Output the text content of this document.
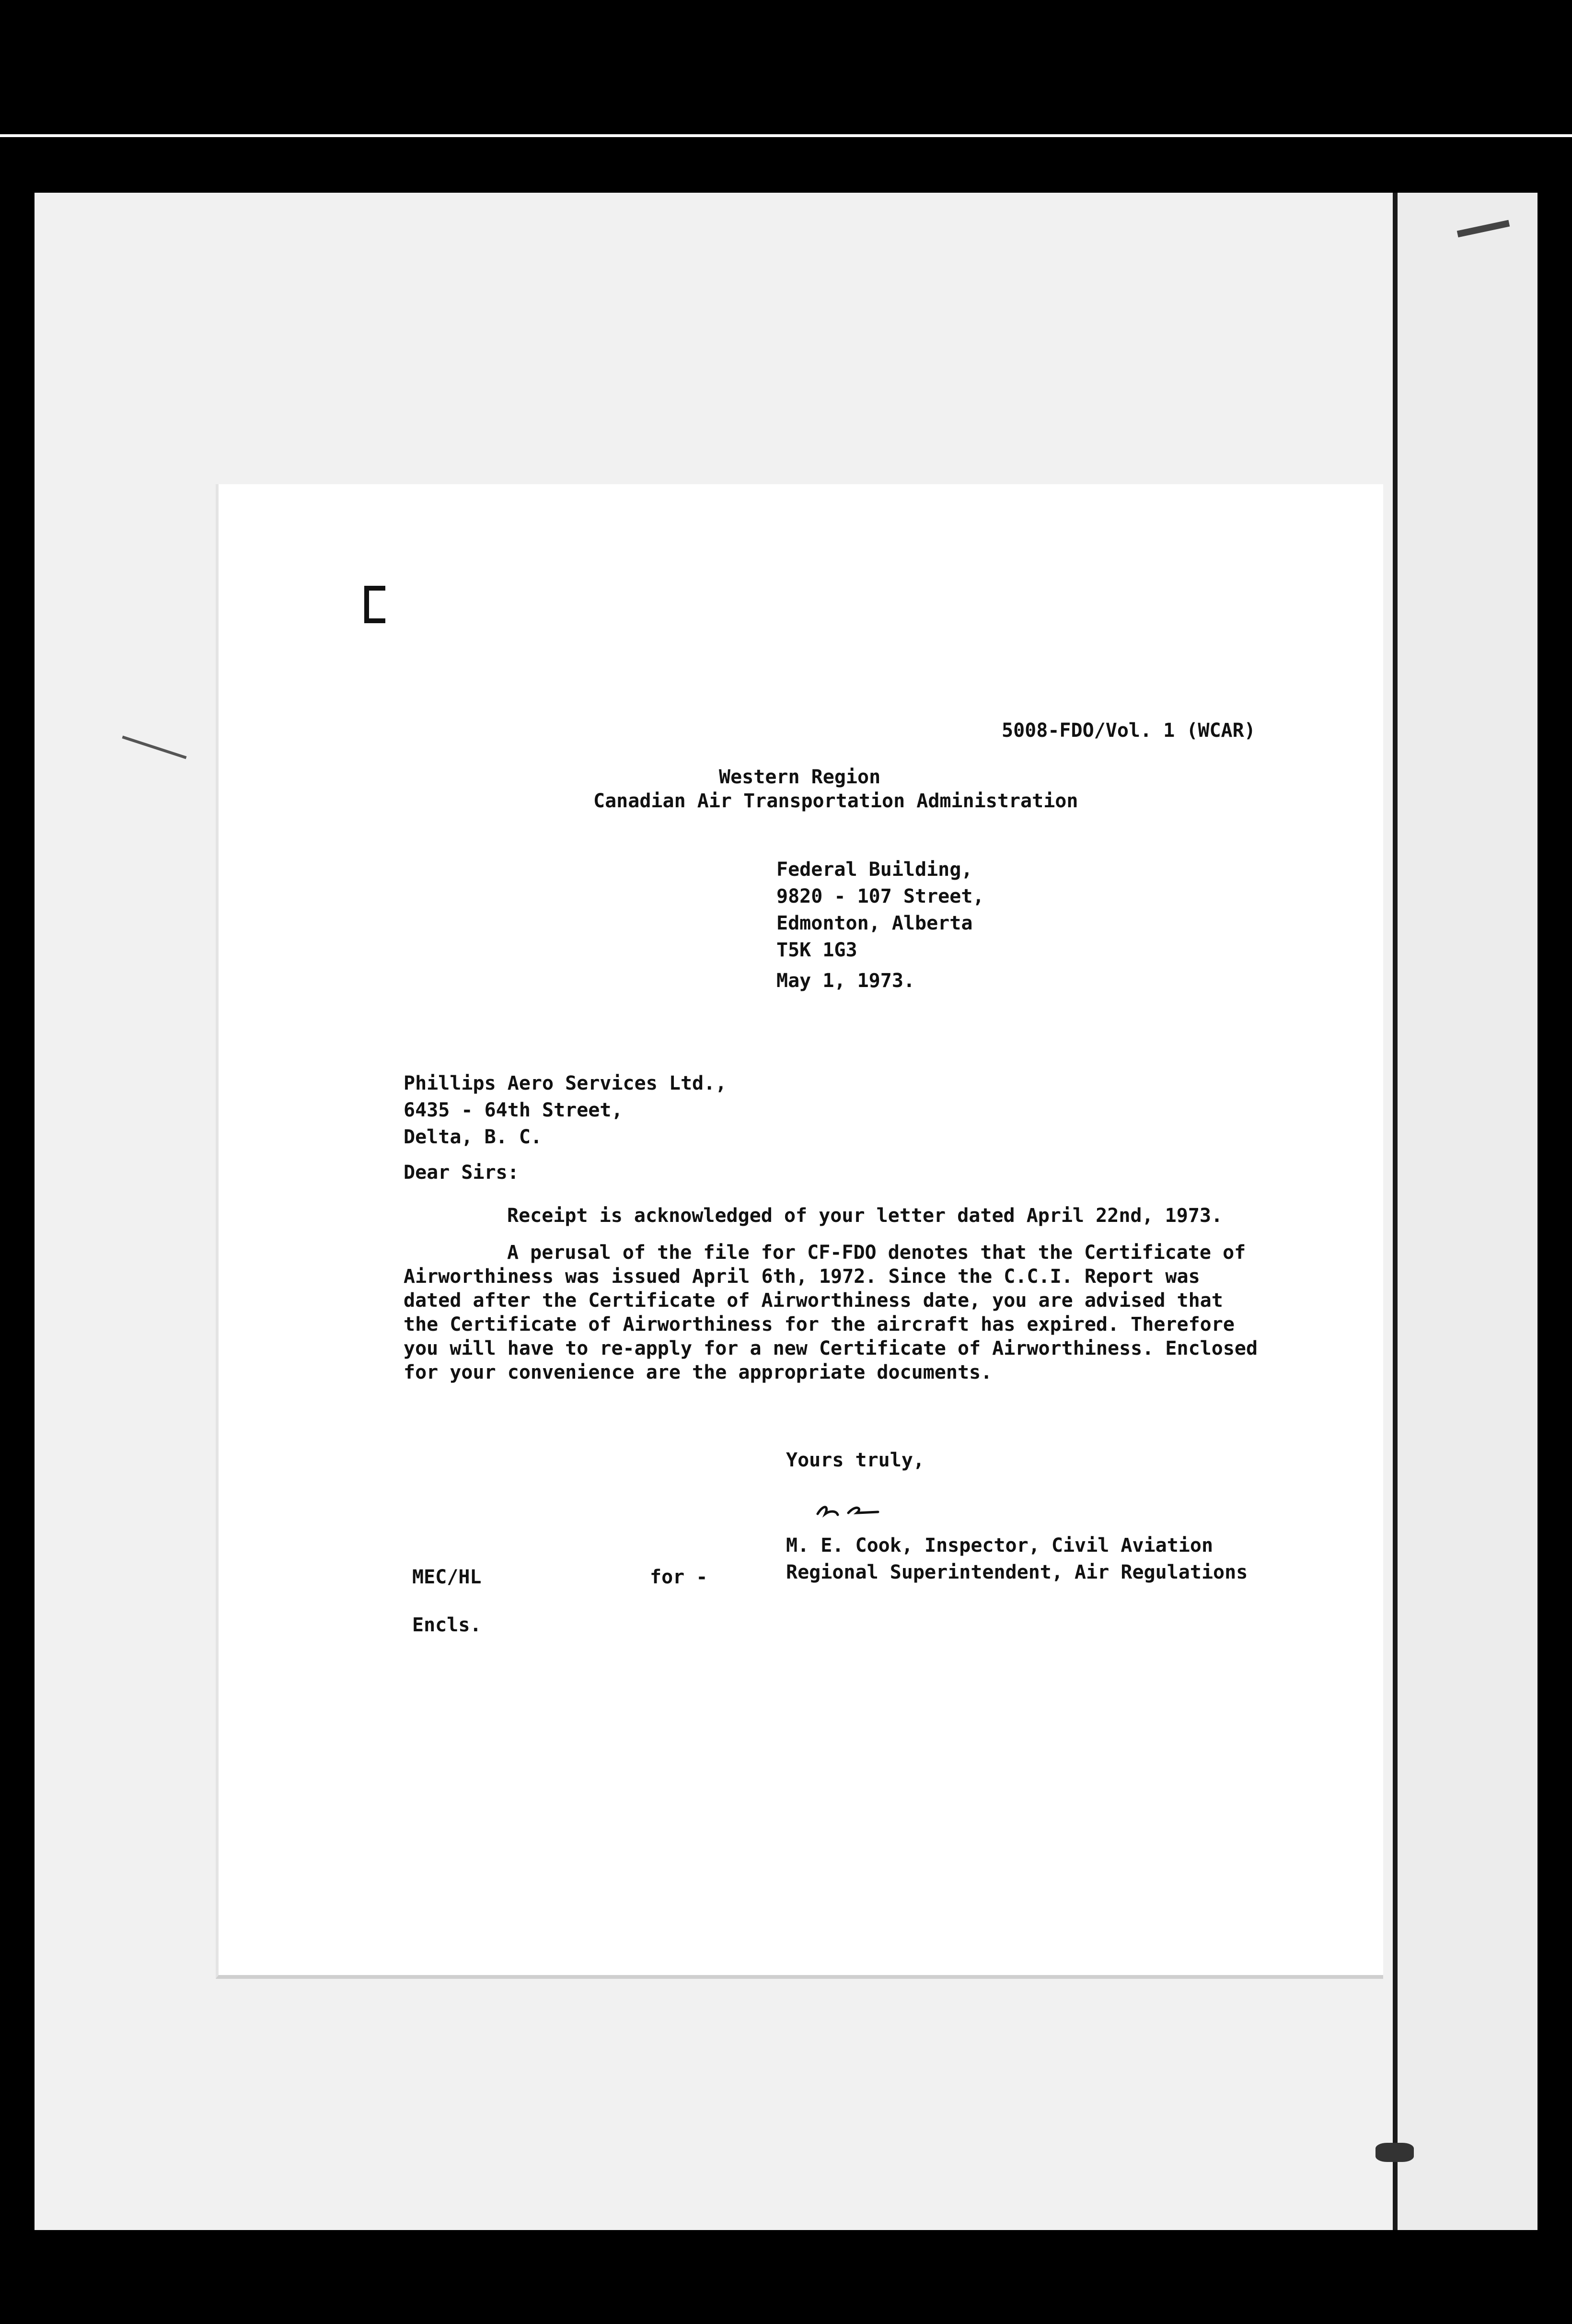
5008-FDO/Vol. 1 (WCAR)
Western Region
Canadian Air Transportation Administration
Federal Building,
9820 - 107 Street,
Edmonton, Alberta
T5K 1G3
May 1, 1973.
Phillips Aero Services Ltd.,
6435 - 64th Street,
Delta, B. C.
Dear Sirs:
Receipt is acknowledged of your letter dated April 22nd, 1973.
A perusal of the file for CF-FDO denotes that the Certificate of
Airworthiness was issued April 6th, 1972. Since the C.C.I. Report was
dated after the Certificate of Airworthiness date, you are advised that
the Certificate of Airworthiness for the aircraft has expired. Therefore
you will have to re-apply for a new Certificate of Airworthiness. Enclosed
for your convenience are the appropriate documents.
Yours truly,
M. E. Cook, Inspector, Civil Aviation
Regional Superintendent, Air Regulations
MEC/HL	for -
Encls.
